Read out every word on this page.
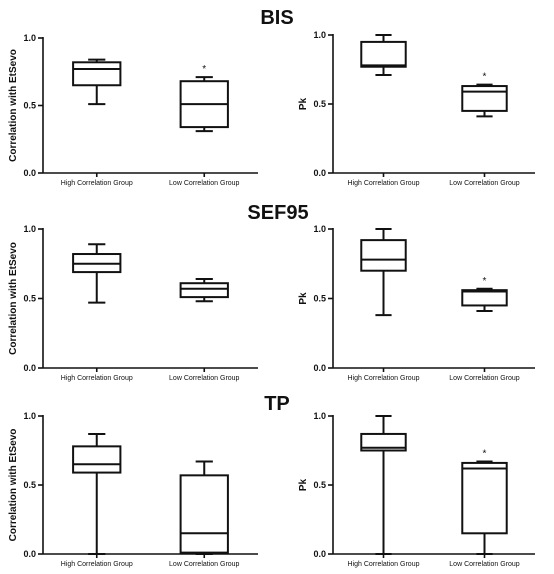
BIS
0.0
0.5
1.0
Correlation with EtSevo
High Correlation Group
*
Low Correlation Group
0.0
0.5
1.0
Pk
High Correlation Group
*
Low Correlation Group
SEF95
0.0
0.5
1.0
Correlation with EtSevo
High Correlation Group	Low Correlation Group
0.0
0.5
1.0
Pk
High Correlation Group
*
Low Correlation Group
TP
0.0
0.5
1.0
Correlation with EtSevo
High Correlation Group	Low Correlation Group
0.0
0.5
1.0
Pk
High Correlation Group
*
Low Correlation Group
